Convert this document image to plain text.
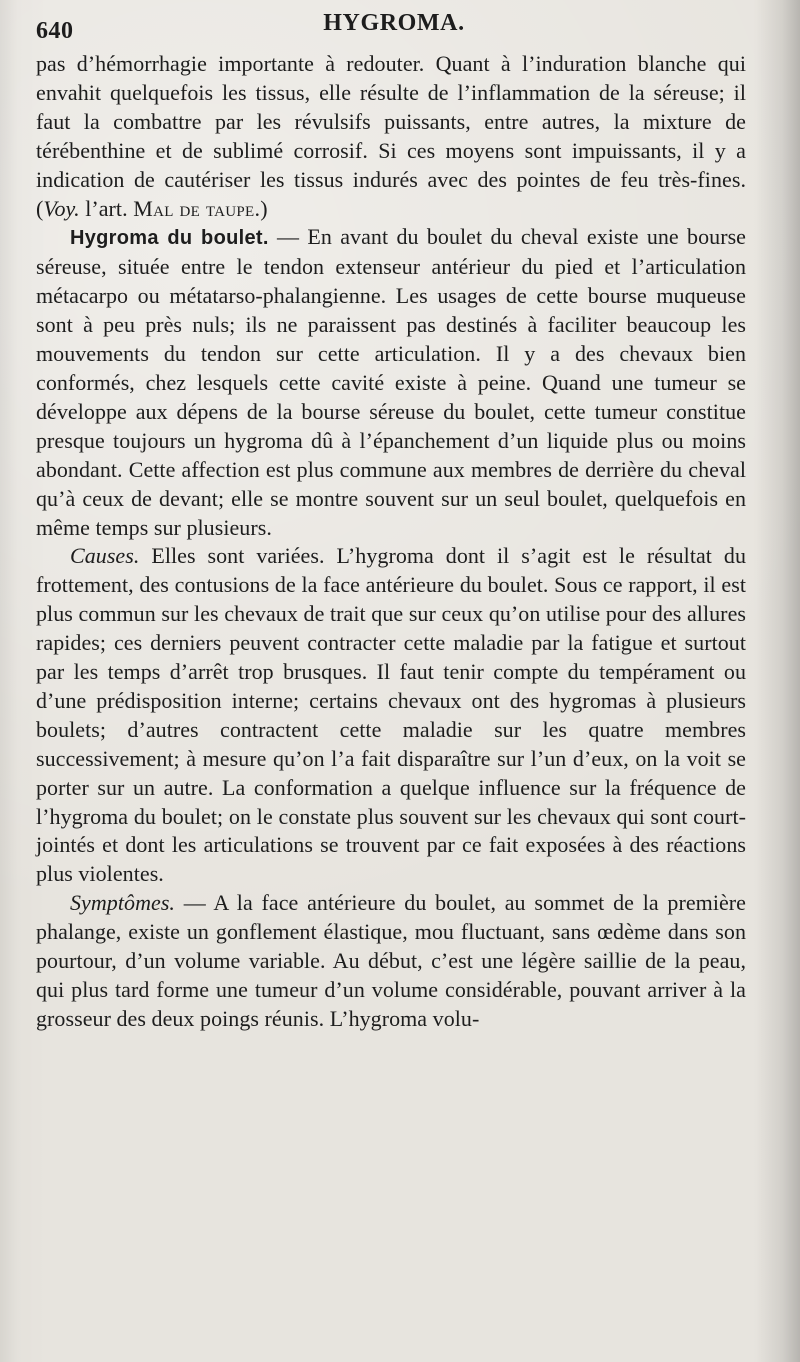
640	HYGROMA.

pas d’hémorrhagie importante à redouter. Quant à l’induration blanche qui envahit quelquefois les tissus, elle résulte de l’inflammation de la séreuse; il faut la combattre par les révulsifs puissants, entre autres, la mixture de térébenthine et de sublimé corrosif. Si ces moyens sont impuissants, il y a indication de cautériser les tissus indurés avec des pointes de feu très-fines. (Voy. l’art. Mal de taupe.)

Hygroma du boulet. — En avant du boulet du cheval existe une bourse séreuse, située entre le tendon extenseur antérieur du pied et l’articulation métacarpo ou métatarso-phalangienne. Les usages de cette bourse muqueuse sont à peu près nuls; ils ne paraissent pas destinés à faciliter beaucoup les mouvements du tendon sur cette articulation. Il y a des chevaux bien conformés, chez lesquels cette cavité existe à peine. Quand une tumeur se développe aux dépens de la bourse séreuse du boulet, cette tumeur constitue presque toujours un hygroma dû à l’épanchement d’un liquide plus ou moins abondant. Cette affection est plus commune aux membres de derrière du cheval qu’à ceux de devant; elle se montre souvent sur un seul boulet, quelquefois en même temps sur plusieurs.

Causes. Elles sont variées. L’hygroma dont il s’agit est le résultat du frottement, des contusions de la face antérieure du boulet. Sous ce rapport, il est plus commun sur les chevaux de trait que sur ceux qu’on utilise pour des allures rapides; ces derniers peuvent contracter cette maladie par la fatigue et surtout par les temps d’arrêt trop brusques. Il faut tenir compte du tempérament ou d’une prédisposition interne; certains chevaux ont des hygromas à plusieurs boulets; d’autres contractent cette maladie sur les quatre membres successivement; à mesure qu’on l’a fait disparaître sur l’un d’eux, on la voit se porter sur un autre. La conformation a quelque influence sur la fréquence de l’hygroma du boulet; on le constate plus souvent sur les chevaux qui sont court-jointés et dont les articulations se trouvent par ce fait exposées à des réactions plus violentes.

Symptômes. — A la face antérieure du boulet, au sommet de la première phalange, existe un gonflement élastique, mou fluctuant, sans œdème dans son pourtour, d’un volume variable. Au début, c’est une légère saillie de la peau, qui plus tard forme une tumeur d’un volume considérable, pouvant arriver à la grosseur des deux poings réunis. L’hygroma volu-
